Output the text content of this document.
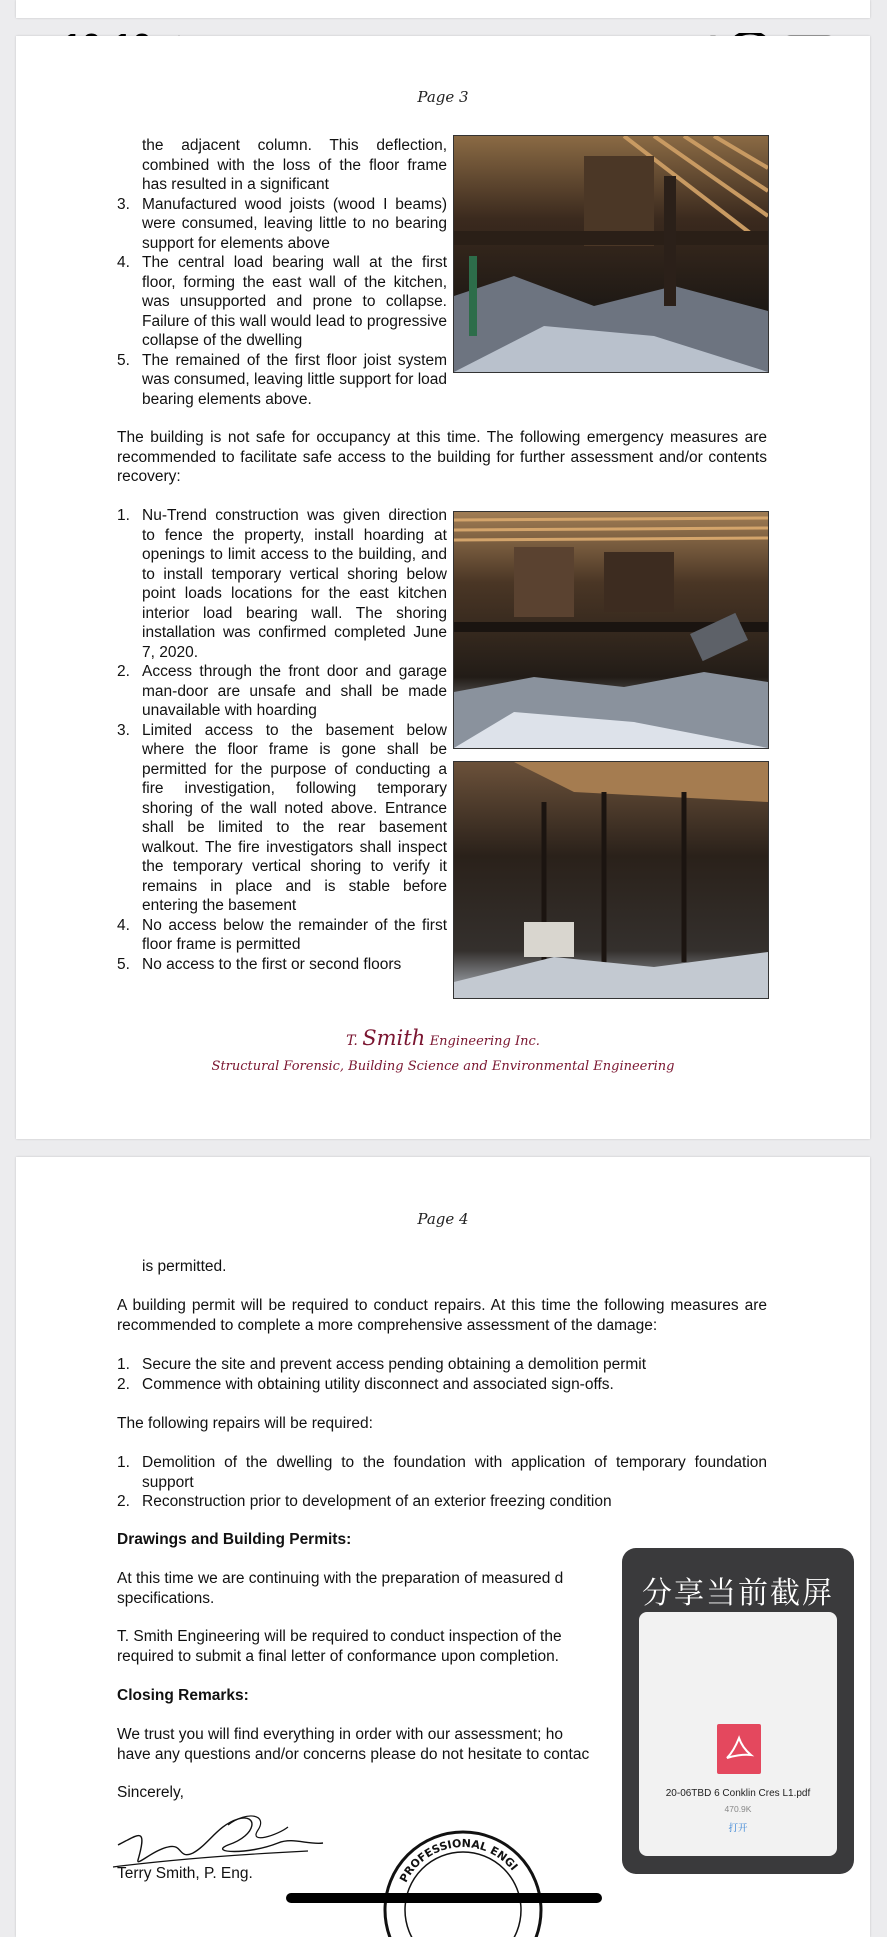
Page 3
the adjacent column. This deflection, combined with the loss of the floor frame has resulted in a significant
3. Manufactured wood joists (wood I beams) were consumed, leaving little to no bearing support for elements above
4. The central load bearing wall at the first floor, forming the east wall of the kitchen, was unsupported and prone to collapse. Failure of this wall would lead to progressive collapse of the dwelling
5. The remained of the first floor joist system was consumed, leaving little support for load bearing elements above.
The building is not safe for occupancy at this time. The following emergency measures are recommended to facilitate safe access to the building for further assessment and/or contents recovery:
1. Nu-Trend construction was given direction to fence the property, install hoarding at openings to limit access to the building, and to install temporary vertical shoring below point loads locations for the east kitchen interior load bearing wall. The shoring installation was confirmed completed June 7, 2020.
2. Access through the front door and garage man-door are unsafe and shall be made unavailable with hoarding
3. Limited access to the basement below where the floor frame is gone shall be permitted for the purpose of conducting a fire investigation, following temporary shoring of the wall noted above. Entrance shall be limited to the rear basement walkout. The fire investigators shall inspect the temporary vertical shoring to verify it remains in place and is stable before entering the basement
4. No access below the remainder of the first floor frame is permitted
5. No access to the first or second floors
T. Smith Engineering Inc.
Structural Forensic, Building Science and Environmental Engineering
Page 4
is permitted.
A building permit will be required to conduct repairs. At this time the following measures are recommended to complete a more comprehensive assessment of the damage:
1. Secure the site and prevent access pending obtaining a demolition permit
2. Commence with obtaining utility disconnect and associated sign-offs.
The following repairs will be required:
1. Demolition of the dwelling to the foundation with application of temporary foundation support
2. Reconstruction prior to development of an exterior freezing condition
Drawings and Building Permits:
At this time we are continuing with the preparation of measured d
specifications.
T. Smith Engineering will be required to conduct inspection of the
required to submit a final letter of conformance upon completion.
Closing Remarks:
We trust you will find everything in order with our assessment; ho
have any questions and/or concerns please do not hesitate to contac
Sincerely,
Terry Smith, P. Eng.	PROFESSIONAL ENGI
分享当前截屏
20-06TBD 6 Conklin Cres L1.pdf
470.9K
打开
